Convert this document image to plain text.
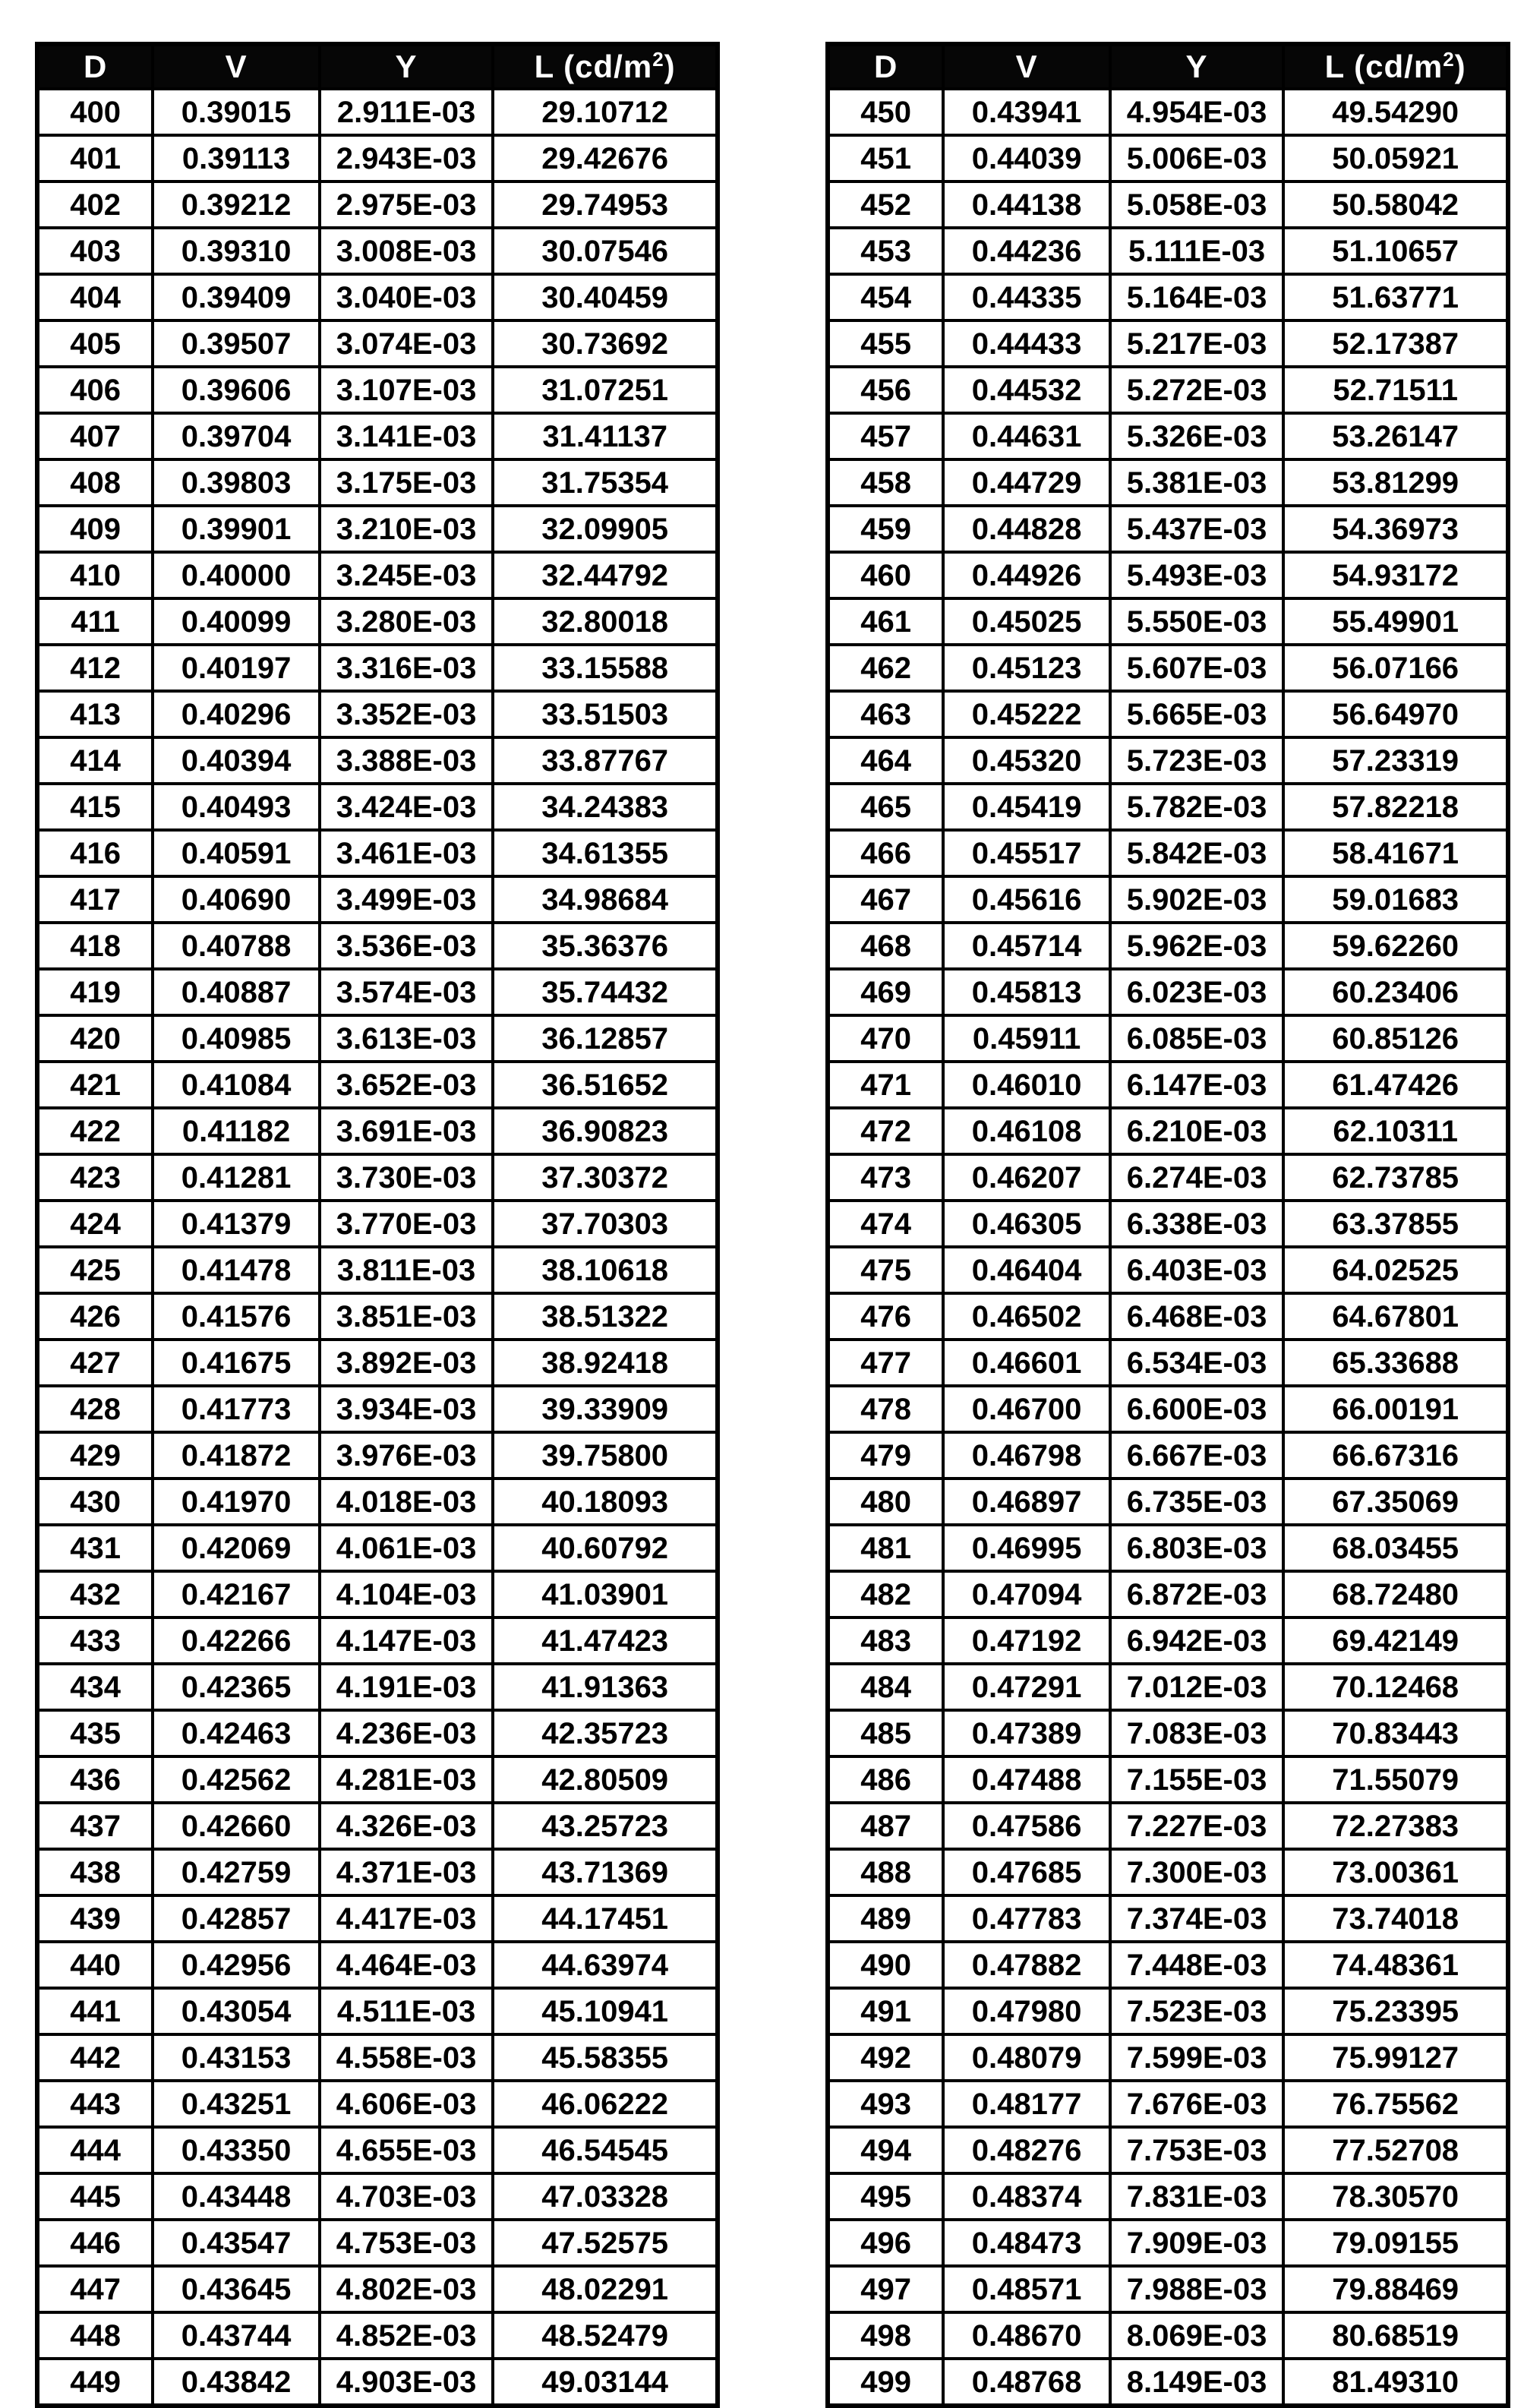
D	V	Y	L $(cd/m^2)$
400	0.39015	2.911E-03	29.10712
401	0.39113	2.943E-03	29.42676
402	0.39212	2.975E-03	29.74953
403	0.39310	3.008E-03	30.07546
404	0.39409	3.040E-03	30.40459
405	0.39507	3.074E-03	30.73692
406	0.39606	3.107E-03	31.07251
407	0.39704	3.141E-03	31.41137
408	0.39803	3.175E-03	31.75354
409	0.39901	3.210E-03	32.09905
410	0.40000	3.245E-03	32.44792
411	0.40099	3.280E-03	32.80018
412	0.40197	3.316E-03	33.15588
413	0.40296	3.352E-03	33.51503
414	0.40394	3.388E-03	33.87767
415	0.40493	3.424E-03	34.24383
416	0.40591	3.461E-03	34.61355
417	0.40690	3.499E-03	34.98684
418	0.40788	3.536E-03	35.36376
419	0.40887	3.574E-03	35.74432
420	0.40985	3.613E-03	36.12857
421	0.41084	3.652E-03	36.51652
422	0.41182	3.691E-03	36.90823
423	0.41281	3.730E-03	37.30372
424	0.41379	3.770E-03	37.70303
425	0.41478	3.811E-03	38.10618
426	0.41576	3.851E-03	38.51322
427	0.41675	3.892E-03	38.92418
428	0.41773	3.934E-03	39.33909
429	0.41872	3.976E-03	39.75800
430	0.41970	4.018E-03	40.18093
431	0.42069	4.061E-03	40.60792
432	0.42167	4.104E-03	41.03901
433	0.42266	4.147E-03	41.47423
434	0.42365	4.191E-03	41.91363
435	0.42463	4.236E-03	42.35723
436	0.42562	4.281E-03	42.80509
437	0.42660	4.326E-03	43.25723
438	0.42759	4.371E-03	43.71369
439	0.42857	4.417E-03	44.17451
440	0.42956	4.464E-03	44.63974
441	0.43054	4.511E-03	45.10941
442	0.43153	4.558E-03	45.58355
443	0.43251	4.606E-03	46.06222
444	0.43350	4.655E-03	46.54545
445	0.43448	4.703E-03	47.03328
446	0.43547	4.753E-03	47.52575
447	0.43645	4.802E-03	48.02291
448	0.43744	4.852E-03	48.52479
449	0.43842	4.903E-03	49.03144
D	V	Y	L $(cd/m^2)$
450	0.43941	4.954E-03	49.54290
451	0.44039	5.006E-03	50.05921
452	0.44138	5.058E-03	50.58042
453	0.44236	5.111E-03	51.10657
454	0.44335	5.164E-03	51.63771
455	0.44433	5.217E-03	52.17387
456	0.44532	5.272E-03	52.71511
457	0.44631	5.326E-03	53.26147
458	0.44729	5.381E-03	53.81299
459	0.44828	5.437E-03	54.36973
460	0.44926	5.493E-03	54.93172
461	0.45025	5.550E-03	55.49901
462	0.45123	5.607E-03	56.07166
463	0.45222	5.665E-03	56.64970
464	0.45320	5.723E-03	57.23319
465	0.45419	5.782E-03	57.82218
466	0.45517	5.842E-03	58.41671
467	0.45616	5.902E-03	59.01683
468	0.45714	5.962E-03	59.62260
469	0.45813	6.023E-03	60.23406
470	0.45911	6.085E-03	60.85126
471	0.46010	6.147E-03	61.47426
472	0.46108	6.210E-03	62.10311
473	0.46207	6.274E-03	62.73785
474	0.46305	6.338E-03	63.37855
475	0.46404	6.403E-03	64.02525
476	0.46502	6.468E-03	64.67801
477	0.46601	6.534E-03	65.33688
478	0.46700	6.600E-03	66.00191
479	0.46798	6.667E-03	66.67316
480	0.46897	6.735E-03	67.35069
481	0.46995	6.803E-03	68.03455
482	0.47094	6.872E-03	68.72480
483	0.47192	6.942E-03	69.42149
484	0.47291	7.012E-03	70.12468
485	0.47389	7.083E-03	70.83443
486	0.47488	7.155E-03	71.55079
487	0.47586	7.227E-03	72.27383
488	0.47685	7.300E-03	73.00361
489	0.47783	7.374E-03	73.74018
490	0.47882	7.448E-03	74.48361
491	0.47980	7.523E-03	75.23395
492	0.48079	7.599E-03	75.99127
493	0.48177	7.676E-03	76.75562
494	0.48276	7.753E-03	77.52708
495	0.48374	7.831E-03	78.30570
496	0.48473	7.909E-03	79.09155
497	0.48571	7.988E-03	79.88469
498	0.48670	8.069E-03	80.68519
499	0.48768	8.149E-03	81.49310
